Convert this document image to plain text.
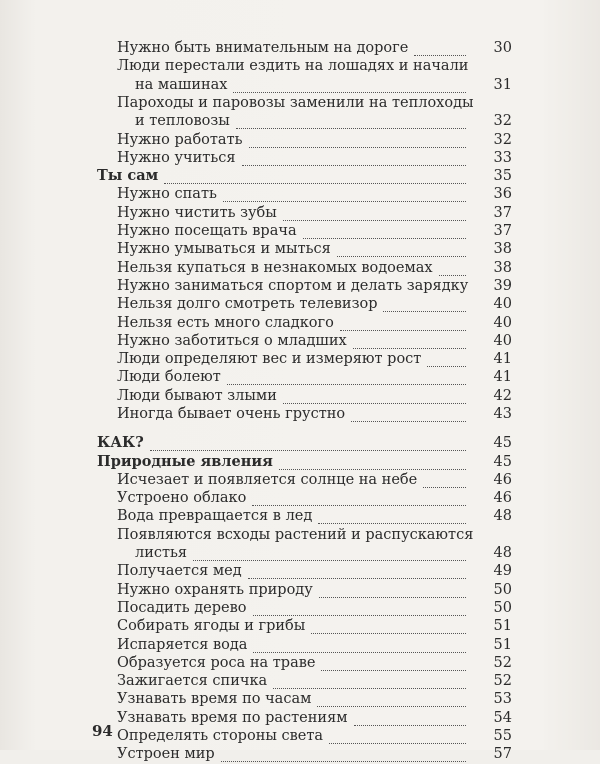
Нужно быть внимательным на дороге	30
Люди перестали ездить на лошадях и начали
на машинах	31
Пароходы и паровозы заменили на теплоходы
и тепловозы	32
Нужно работать	32
Нужно учиться	33
Ты сам	35
Нужно спать	36
Нужно чистить зубы	37
Нужно посещать врача	37
Нужно умываться и мыться	38
Нельзя купаться в незнакомых водоемах	38
Нужно заниматься спортом и делать зарядку	39
Нельзя долго смотреть телевизор	40
Нельзя есть много сладкого	40
Нужно заботиться о младших	40
Люди определяют вес и измеряют рост	41
Люди болеют	41
Люди бывают злыми	42
Иногда бывает очень грустно	43
КАК?	45
Природные явления	45
Исчезает и появляется солнце на небе	46
Устроено облако	46
Вода превращается в лед	48
Появляются всходы растений и распускаются
листья	48
Получается мед	49
Нужно охранять природу	50
Посадить дерево	50
Собирать ягоды и грибы	51
Испаряется вода	51
Образуется роса на траве	52
Зажигается спичка	52
Узнавать время по часам	53
Узнавать время по растениям	54
Определять стороны света	55
Устроен мир	57
94
